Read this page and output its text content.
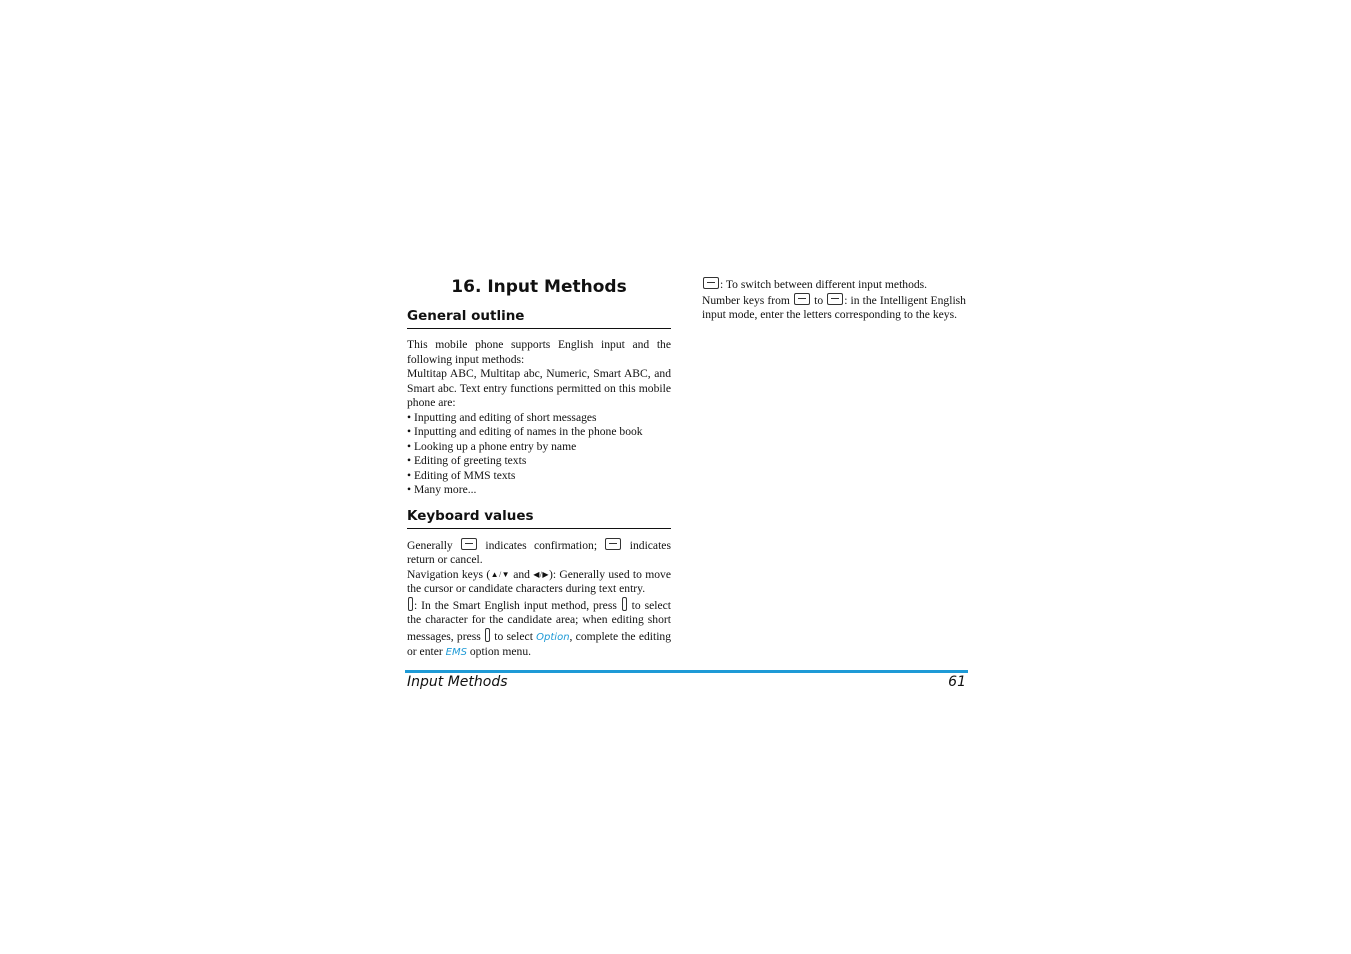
16. Input Methods
General outline

This mobile phone supports English input and the following input methods:

Multitap ABC, Multitap abc, Numeric, Smart ABC, and Smart abc. Text entry functions permitted on this mobile phone are:

• Inputting and editing of short messages
• Inputting and editing of names in the phone book
• Looking up a phone entry by name
• Editing of greeting texts
• Editing of MMS texts
• Many more...
Keyboard values

Generally	indicates confirmation;	indicates return or cancel.

Navigation keys (▲/▼ and ◀/▶): Generally used to move the cursor or candidate characters during text entry.

: In the Smart English input method, press to select the character for the candidate area; when editing short messages, press to select Option, complete the editing or enter EMS option menu.

: To switch between different input methods.

Number keys from to : in the Intelligent English input mode, enter the letters corresponding to the keys.

Input Methods	61
